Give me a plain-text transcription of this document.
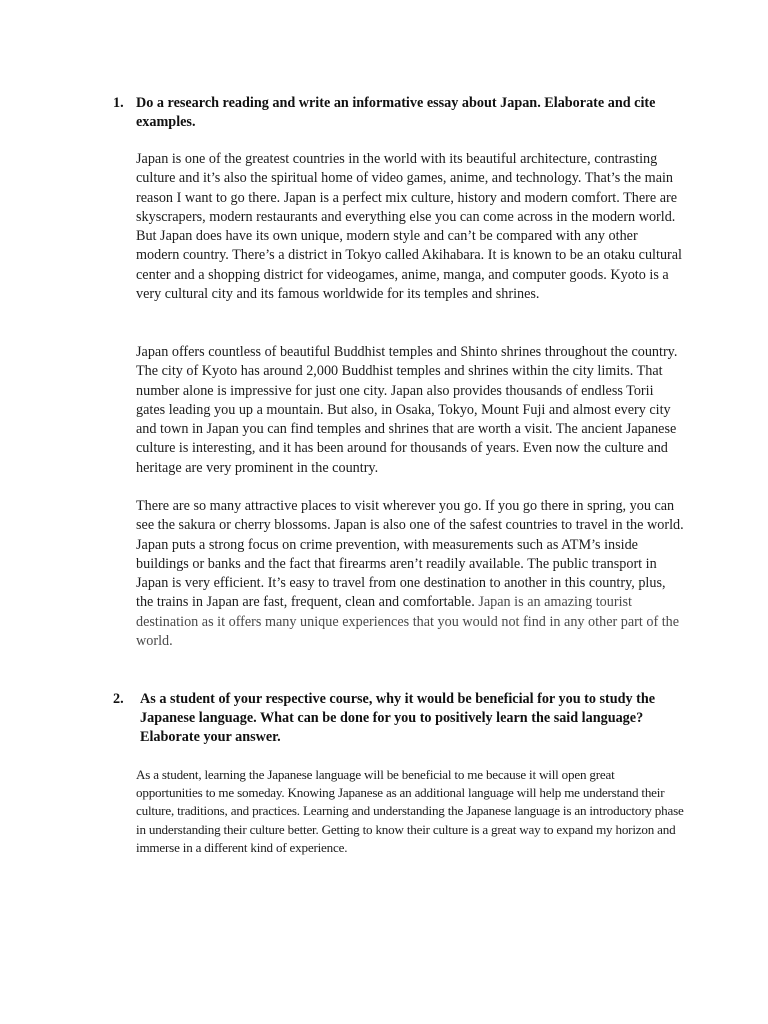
1. Do a research reading and write an informative essay about Japan. Elaborate and cite examples.
Japan is one of the greatest countries in the world with its beautiful architecture, contrasting culture and it’s also the spiritual home of video games, anime, and technology. That’s the main reason I want to go there. Japan is a perfect mix culture, history and modern comfort. There are skyscrapers, modern restaurants and everything else you can come across in the modern world. But Japan does have its own unique, modern style and can’t be compared with any other modern country. There’s a district in Tokyo called Akihabara. It is known to be an otaku cultural center and a shopping district for videogames, anime, manga, and computer goods. Kyoto is a very cultural city and its famous worldwide for its temples and shrines.
Japan offers countless of beautiful Buddhist temples and Shinto shrines throughout the country. The city of Kyoto has around 2,000 Buddhist temples and shrines within the city limits. That number alone is impressive for just one city. Japan also provides thousands of endless Torii gates leading you up a mountain. But also, in Osaka, Tokyo, Mount Fuji and almost every city and town in Japan you can find temples and shrines that are worth a visit. The ancient Japanese culture is interesting, and it has been around for thousands of years. Even now the culture and heritage are very prominent in the country.
There are so many attractive places to visit wherever you go. If you go there in spring, you can see the sakura or cherry blossoms. Japan is also one of the safest countries to travel in the world. Japan puts a strong focus on crime prevention, with measurements such as ATM’s inside buildings or banks and the fact that firearms aren’t readily available. The public transport in Japan is very efficient. It’s easy to travel from one destination to another in this country, plus, the trains in Japan are fast, frequent, clean and comfortable. Japan is an amazing tourist destination as it offers many unique experiences that you would not find in any other part of the world.
2.	As a student of your respective course, why it would be beneficial for you to study the Japanese language. What can be done for you to positively learn the said language? Elaborate your answer.
As a student, learning the Japanese language will be beneficial to me because it will open great opportunities to me someday. Knowing Japanese as an additional language will help me understand their culture, traditions, and practices. Learning and understanding the Japanese language is an introductory phase in understanding their culture better. Getting to know their culture is a great way to expand my horizon and immerse in a different kind of experience.
